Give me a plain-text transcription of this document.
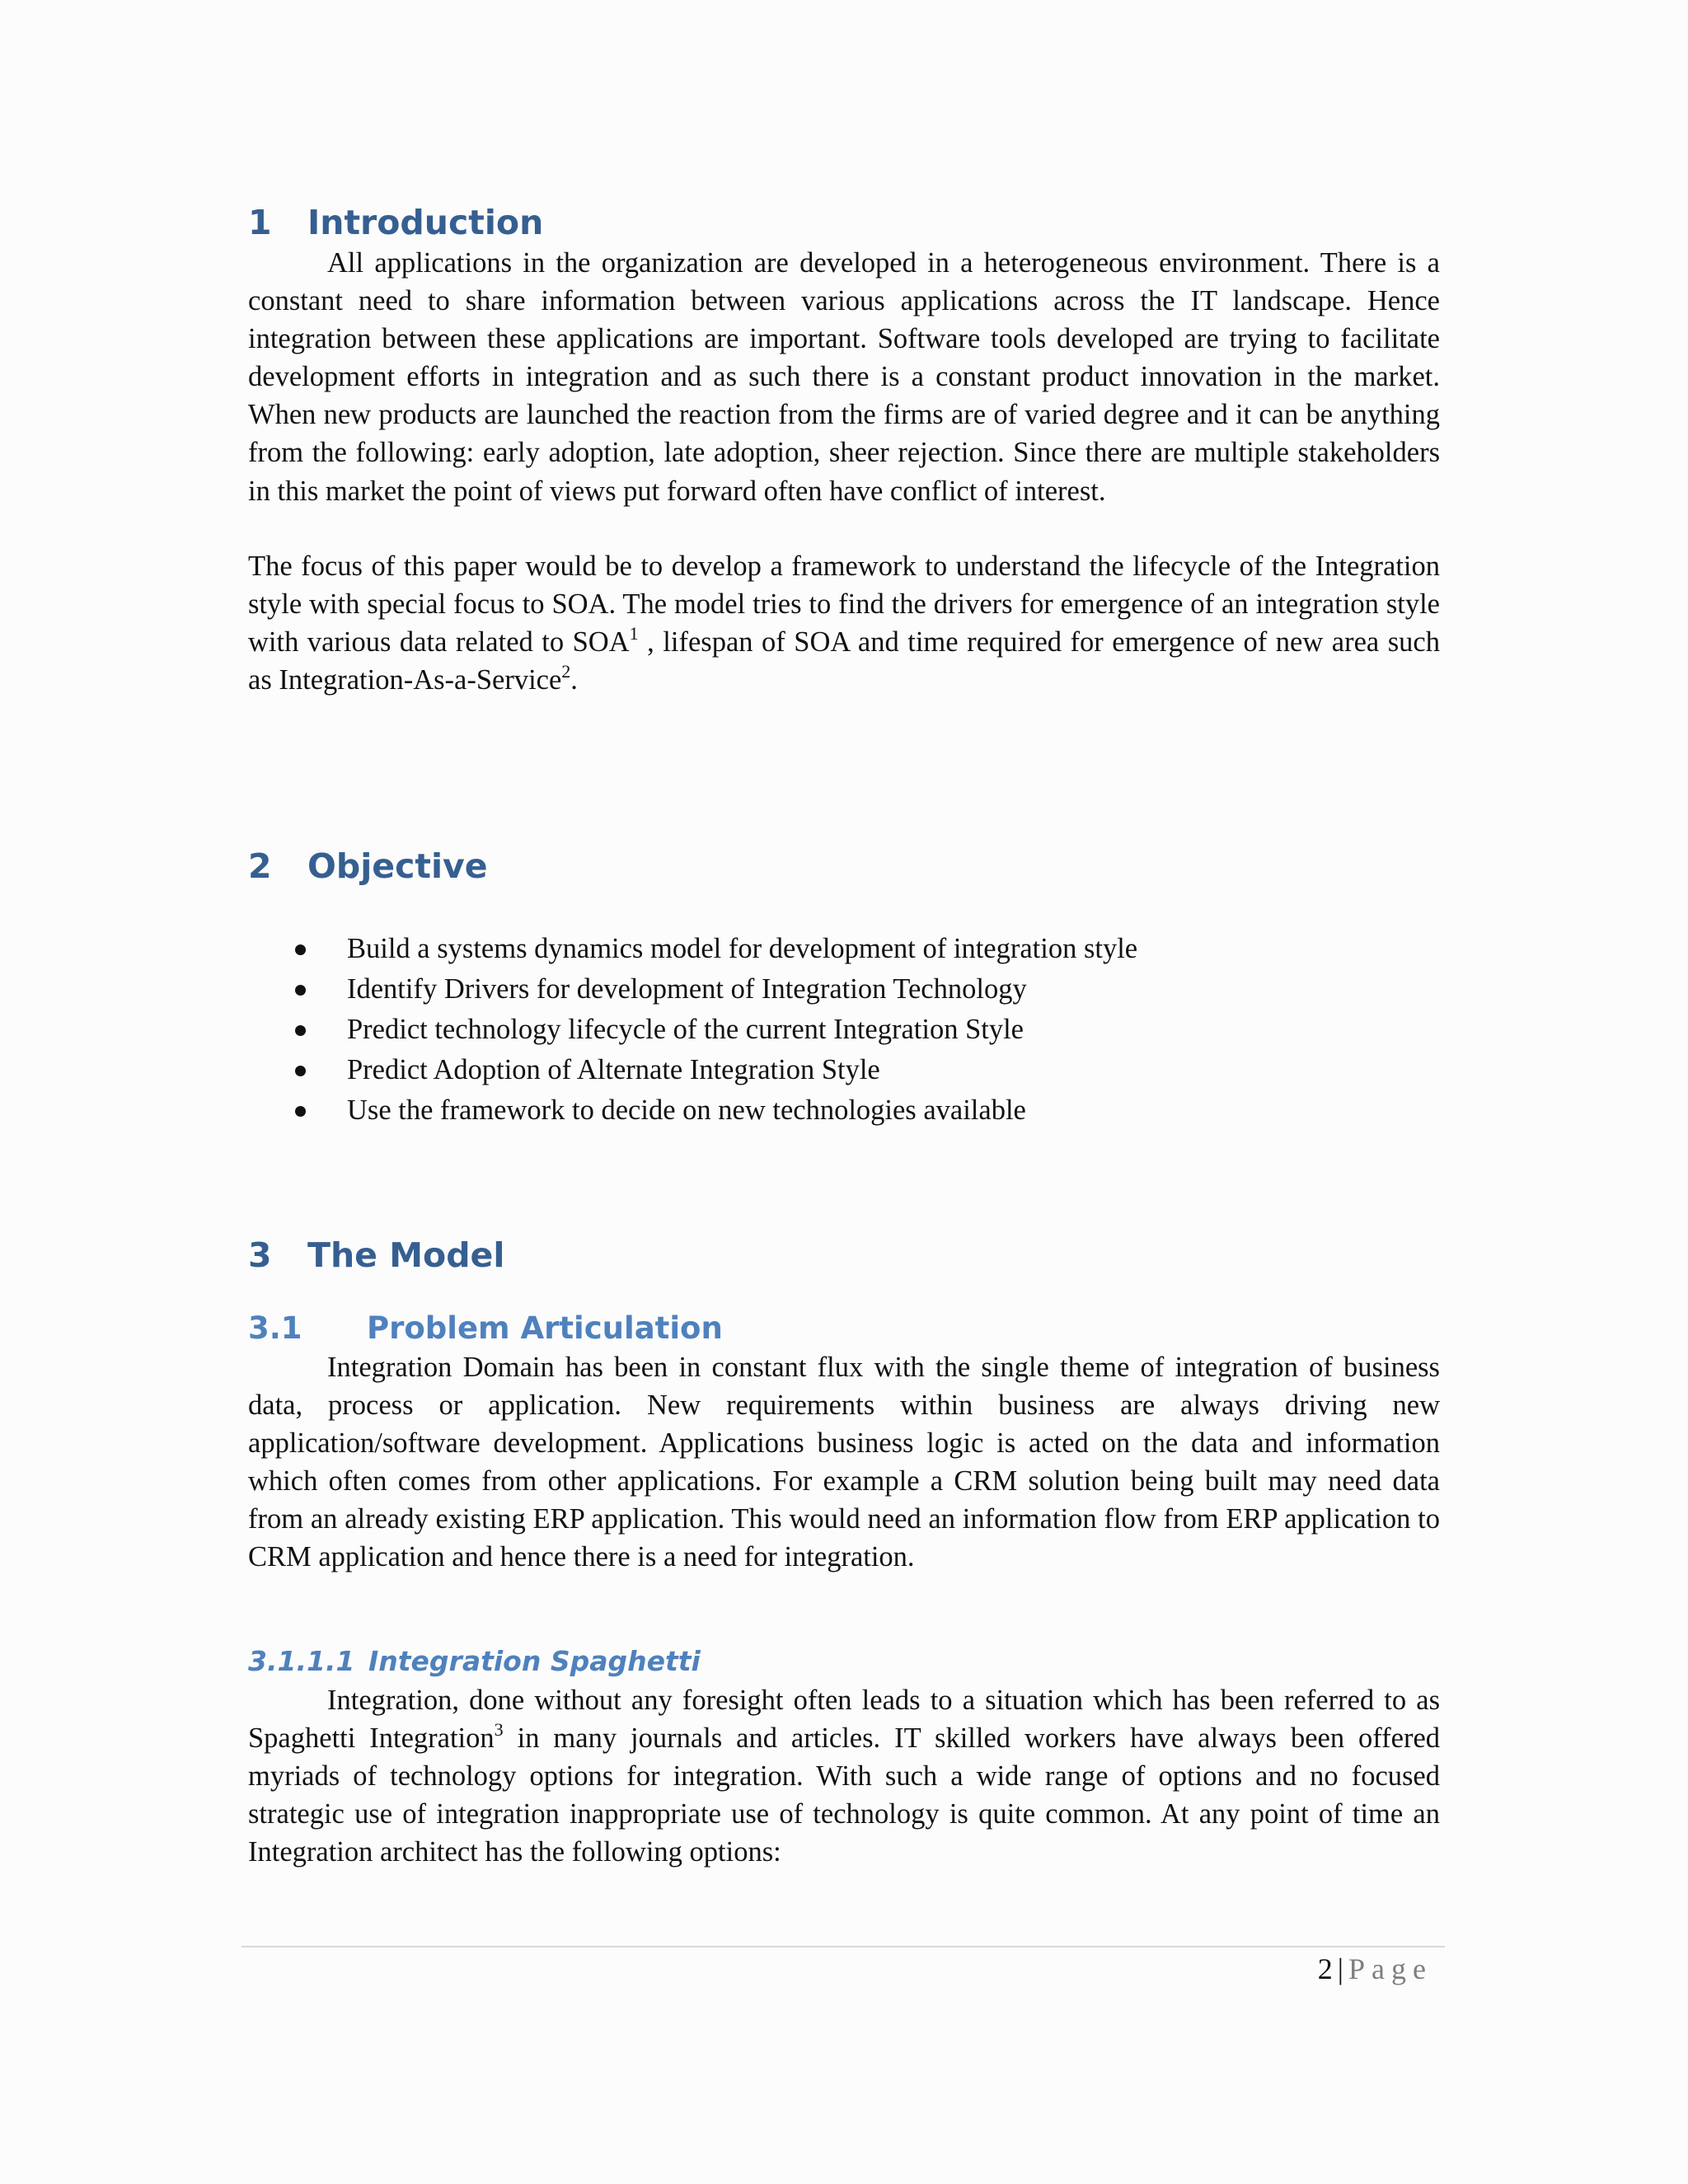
1 Introduction

All applications in the organization are developed in a heterogeneous environment. There is a constant need to share information between various applications across the IT landscape. Hence integration between these applications are important. Software tools developed are trying to facilitate development efforts in integration and as such there is a constant product innovation in the market. When new products are launched the reaction from the firms are of varied degree and it can be anything from the following: early adoption, late adoption, sheer rejection. Since there are multiple stakeholders in this market the point of views put forward often have conflict of interest.

The focus of this paper would be to develop a framework to understand the lifecycle of the Integration style with special focus to SOA. The model tries to find the drivers for emergence of an integration style with various data related to SOA$^1$ , lifespan of SOA and time required for emergence of new area such as Integration-As-a-Service$^2$.

2 Objective
Build a systems dynamics model for development of integration style
Identify Drivers for development of Integration Technology
Predict technology lifecycle of the current Integration Style
Predict Adoption of Alternate Integration Style
Use the framework to decide on new technologies available
3 The Model
3.1 Problem Articulation

Integration Domain has been in constant flux with the single theme of integration of business data, process or application. New requirements within business are always driving new application/software development. Applications business logic is acted on the data and information which often comes from other applications. For example a CRM solution being built may need data from an already existing ERP application. This would need an information flow from ERP application to CRM application and hence there is a need for integration.

3.1.1.1 Integration Spaghetti

Integration, done without any foresight often leads to a situation which has been referred to as Spaghetti Integration$^3$ in many journals and articles. IT skilled workers have always been offered myriads of technology options for integration. With such a wide range of options and no focused strategic use of integration inappropriate use of technology is quite common. At any point of time an Integration architect has the following options:

2 | Page
